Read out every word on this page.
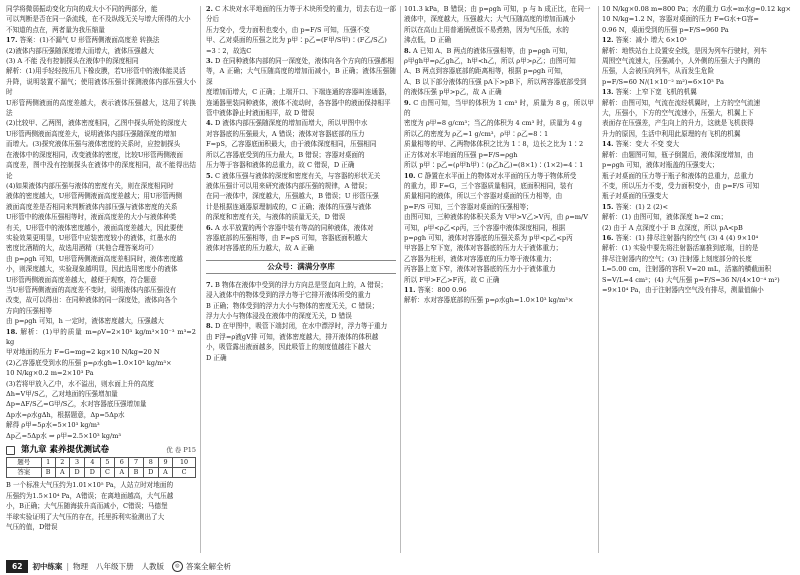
同学将微弱振动变化方向的成大小不同的两部分，能
可以判断是否在同一条流线，在不及纵线无关与增大所得的大小
不知道的点在，两者量为我压缩量
17. 答案：(1)不漏气 U 形管两侧液面高度差 转换法
(2)液体内部压强随深度增大而增大，液体压强越大
(3) A 不能 没有控制探头在液体中的深度相同
解析：(1)用手轻轻按压几下橡皮膜，若U形管中的液体能灵活
升降，说明装置不漏气；使用液体压强计探测液体内部压强大小时
U形管两侧液面的高度差越大，表示液体压强越大，这用了转换法
(2)比较甲、乙两图，液体密度相同，乙图中探头所处的深度大
U形管两侧液面高度差大，说明液体内部压强随深度的增加
而增大。(3)探究液体压强与液体密度的关系时，应控制探头
在液体中的深度相同，改变液体的密度，比较U形管两侧液面
高度差，图中没有控制探头在液体中的深度相同，故不能得出结论
(4)如果液体内部压强与液体的密度有关，则在深度相同时
液体的密度越大，U形管两侧液面高度差越大；用U形管两侧
液面高度差是否相同来判断液体内部压强与液体密度的关系
U形管中的液体压强相等时，液面高度差的大小与液体种类
有关，U形管中的液体密度越小，液面高度差越大，因此要使
实验效果更明显，U形管中应装密度较小的液体，红墨水的
密度比酒精的大，故选用酒精（其他合理答案均可）
由 p=ρgh 可知，U形管两侧液面高度差相同时，液体密度越
小，则深度越大，实验现象越明显，因此选用密度小的液体
U形管两侧液面高度差越大，越便于观察，符合题意
当U形管两侧液面的高度差不变时，说明液体内部压强没有
改变，故可以得出：在同种液体的同一深度处，液体向各个
方向的压强相等
由 p=ρgh 可知，h 一定时，液体密度越大，压强越大
18. 解析：(1)甲的质量 m=ρV=2×10³ kg/m³×10⁻³ m³=2 kg
甲对地面的压力 F=G=mg=2 kg×10 N/kg=20 N
(2)乙容器底受到水的压强 p=ρ水gh=1.0×10³ kg/m³×
10 N/kg×0.2 m=2×10³ Pa
(3)若将甲放入乙中，水不溢出，则水面上升的高度
Δh=V甲/S乙，乙对地面的压强增加量
Δp=ΔF/S乙=G甲/S乙，水对容器底压强增加量
Δp水=ρ水gΔh，根据题意，Δp=5Δp水
解得 ρ甲=5ρ水=5×10³ kg/m³
Δp乙=5Δp水 ⇒ ρ甲=2.5×10³ kg/m³
第九章 素养提优测试卷	优 卷 P15
题号	1	2	3	4	5	6	7	8	9	10
答案	B	A	D	D	C	A	B	D	A	C
B 一个标准大气压约为1.01×10⁵ Pa，人站立时对地面的
压强约为1.5×10⁴ Pa，A错误；在离地面越高，大气压越
小，B正确；大气压随海拔升高而减小，C错误；马德堡
半球实验证明了大气压的存在，托里拆利实验测出了大
气压的值，D错误
2. C 木块对水平地面的压力等于木块所受的重力，切去右边一部分后
压力变小，受力面积也变小，由 p=F/S 可知，压强不变
甲、乙对桌面的压强之比为 p甲∶p乙=(F甲/S甲)∶(F乙/S乙)
=3∶2，故选C
3. D 在同种液体内部的同一深度处，液体向各个方向的压强都相
等，A 正确；大气压随高度的增加而减小，B 正确；液体压强随深
度增加而增大，C 正确；上端开口、下端连通的容器叫连通器，
连通器里装同种液体，液体不流动时，各容器中的液面保持相平
管中液体静止时液面相平，故 D 错误
4. D 液体内部压强随深度的增加而增大，所以甲图中水
对容器底的压强最大，A 错误；液体对容器底部的压力
F=pS，乙容器底面积最大，由于液体深度相同，压强相同
所以乙容器底受到的压力最大，B 错误；容器对桌面的
压力等于容器和液体的总重力，故 C 错误，D 正确
5. C 液体压强与液体的深度和密度有关，与容器的形状无关
液体压强计可以用来研究液体内部压强的规律，A 错误；
在同一液体中，深度越大，压强越大，B 错误；U 形管压强
计是根据连通器原理制成的，C 正确；液体的压强与液体
的深度和密度有关，与液体的质量无关，D 错误
6. A 水平放置的两个容器中装有等高的同种液体，液体对
容器底部的压强相等，由 F=pS 可知，容器底面积越大
液体对容器底的压力越大，故 A 正确
公众号：满满分享库
7. B 物体在液体中受到的浮力方向总是竖直向上的，A 错误；
浸入液体中的物体受到的浮力等于它排开液体所受的重力
B 正确；物体受到的浮力大小与物体的密度无关，C 错误；
浮力大小与物体浸没在液体中的深度无关，D 错误
8. D 在甲图中，吸管下端封闭，在水中漂浮时，浮力等于重力
由 F浮=ρ液gV排 可知，液体密度越大，排开液体的体积越
小，吸管露出液面越多，因此吸管上的刻度值越往下越大
D 正确
101.3 kPa，B 错误；由 p=ρgh 可知，p 与 h 成正比，在同一
液体中，深度越大，压强越大；大气压随高度的增加而减小
所以在高山上用普通锅煮饭不易煮熟，因为气压低，水的
沸点低，D 正确
8. A 已知 A、B 两点的液体压强相等，由 p=ρgh 可知，
ρ甲gh甲=ρ乙gh乙，h甲<h乙，所以 ρ甲>ρ乙；由图可知
A、B 两点到容器底部的距离相等，根据 p=ρgh 可知，
A、B 以下部分液体的压强 pA下>pB下，所以两容器底部受到
的液体压强 p甲>p乙，故 A 正确
9. C 由图可知，当甲的体积为 1 cm³ 时，质量为 8 g，所以甲的
密度为 ρ甲=8 g/cm³；当乙的体积为 4 cm³ 时，质量为 4 g
所以乙的密度为 ρ乙=1 g/cm³，ρ甲∶ρ乙=8∶1
质量相等的甲、乙两物体体积之比为 1∶8，边长之比为 1∶2
正方体对水平地面的压强 p=F/S=ρgh
所以 p甲∶p乙=(ρ甲h甲)∶(ρ乙h乙)=(8×1)∶(1×2)=4∶1
10. C 静置在水平面上的物体对水平面的压力等于物体所受
的重力，即 F=G，三个容器质量相同，底面积相同，装有
质量相同的液体，所以三个容器对桌面的压力相等，由
p=F/S 可知，三个容器对桌面的压强相等；
由图可知，三种液体的体积关系为 V甲>V乙>V丙，由 ρ=m/V
可知，ρ甲<ρ乙<ρ丙，三个容器中液体深度相同，根据
p=ρgh 可知，液体对容器底的压强关系为 p甲<p乙<p丙
甲容器上窄下宽，液体对容器底的压力大于液体重力；
乙容器为柱形，液体对容器底的压力等于液体重力；
丙容器上宽下窄，液体对容器底的压力小于液体重力
所以 F甲>F乙>F丙，故 C 正确
11. 答案：800 0.96
解析：水对容器底部的压强 p=ρ水gh=1.0×10³ kg/m³×
10 N/kg×0.08 m=800 Pa；水的重力 G水=m水g=0.12 kg×
10 N/kg=1.2 N，容器对桌面的压力 F=G水+G容=
0.96 N，桌面受到的压强 p=F/S=960 Pa
12. 答案：减小 增大 6×10³
解析：地铁站台上设置安全线，是因为列车行驶时，列车
周围空气流速大，压强减小，人外侧的压强大于内侧的
压强，人会被压向列车，从而发生危险
p=F/S=60 N/(1×10⁻² m²)=6×10³ Pa
13. 答案：上窄下宽 飞机的机翼
解析：由图可知，气流在流经机翼时，上方的空气流速
大，压强小，下方的空气流速小，压强大，机翼上下
表面存在压强差，产生向上的升力，这就是飞机获得
升力的原因，生活中利用此原理的有飞机的机翼
14. 答案：变大 不变 变大
解析：由题图可知，瓶子倒置后，液体深度增加，由
p=ρgh 可知，液体对瓶盖的压强变大；
瓶子对桌面的压力等于瓶子和液体的总重力，总重力
不变，所以压力不变，受力面积变小，由 p=F/S 可知
瓶子对桌面的压强变大
15. 答案：(1) 2 (2)<
解析：(1) 由图可知，液体深度 h=2 cm；
(2) 由于 A 点深度小于 B 点深度，所以 pA<pB
16. 答案：(1) 排尽注射器内的空气 (3) 4 (4) 9×10⁴
解析：(1) 实验中要先将注射器活塞推到底端，目的是
排尽注射器内的空气；(3) 注射器上刻度部分的长度
L=5.00 cm，注射器的容积 V=20 mL，活塞的横截面积
S=V/L=4 cm²；(4) 大气压强 p=F/S=36 N/(4×10⁻⁴ m²)
=9×10⁴ Pa，由于注射器内空气没有排尽，测量值偏小
62	初中练案 | 物理 八年级下册 人教版	◎ 答案全解全析
